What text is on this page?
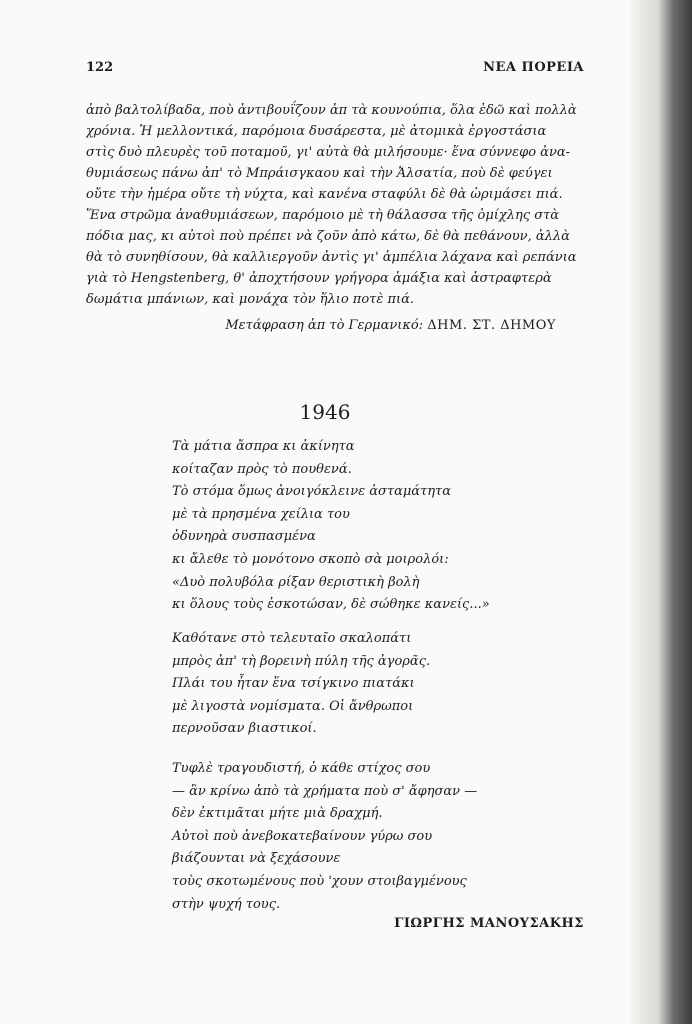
122	ΝΕΑ ΠΟΡΕΙΑ
ἀπὸ βαλτολίβαδα, ποὺ ἀντιβουΐζουν ἀπ τὰ κουνούπια, ὅλα ἐδῶ καὶ πολλὰ
χρόνια. Ἡ μελλοντικά, παρόμοια δυσάρεστα, μὲ ἀτομικὰ ἐργοστάσια
στὶς δυὸ πλευρὲς τοῦ ποταμοῦ, γι' αὐτὰ θὰ μιλήσουμε· ἕνα σύννεφο ἀνα-
θυμιάσεως πάνω ἀπ' τὸ Μπράισγκαου καὶ τὴν Ἀλσατία, ποὺ δὲ φεύγει
οὔτε τὴν ἡμέρα οὔτε τὴ νύχτα, καὶ κανένα σταφύλι δὲ θὰ ὡριμάσει πιά.
Ἕνα στρῶμα ἀναθυμιάσεων, παρόμοιο μὲ τὴ θάλασσα τῆς ὁμίχλης στὰ
πόδια μας, κι αὐτοὶ ποὺ πρέπει νὰ ζοῦν ἀπὸ κάτω, δὲ θὰ πεθάνουν, ἀλλὰ
θὰ τὸ συνηθίσουν, θὰ καλλιεργοῦν ἀντὶς γι' ἀμπέλια λάχανα καὶ ρεπάνια
γιὰ τὸ Hengstenberg, θ' ἀποχτήσουν γρήγορα ἁμάξια καὶ ἀστραφτερὰ
δωμάτια μπάνιων, καὶ μονάχα τὸν ἥλιο ποτὲ πιά.
Μετάφραση ἀπ τὸ Γερμανικό: ΔΗΜ. ΣΤ. ΔΗΜΟΥ
1946
Τὰ μάτια ἄσπρα κι ἀκίνητα
κοίταζαν πρὸς τὸ πουθενά.
Τὸ στόμα ὅμως ἀνοιγόκλεινε ἀσταμάτητα
μὲ τὰ πρησμένα χείλια του
ὀδυνηρὰ συσπασμένα
κι ἄλεθε τὸ μονότονο σκοπὸ σὰ μοιρολόι:
«Δυὸ πολυβόλα ρίξαν θεριστικὴ βολὴ
κι ὅλους τοὺς ἐσκοτώσαν, δὲ σώθηκε κανείς...»
Καθότανε στὸ τελευταῖο σκαλοπάτι
μπρὸς ἀπ' τὴ βορεινὴ πύλη τῆς ἀγορᾶς.
Πλάι του ἦταν ἕνα τσίγκινο πιατάκι
μὲ λιγοστὰ νομίσματα. Οἱ ἄνθρωποι
περνοῦσαν βιαστικοί.
Τυφλὲ τραγουδιστή, ὁ κάθε στίχος σου
— ἂν κρίνω ἀπὸ τὰ χρήματα ποὺ σ' ἄφησαν —
δὲν ἐκτιμᾶται μήτε μιὰ δραχμή.
Αὐτοὶ ποὺ ἀνεβοκατεβαίνουν γύρω σου
βιάζουνται νὰ ξεχάσουνε
τοὺς σκοτωμένους ποὺ 'χουν στοιβαγμένους
στὴν ψυχή τους.
ΓΙΩΡΓΗΣ ΜΑΝΟΥΣΑΚΗΣ
